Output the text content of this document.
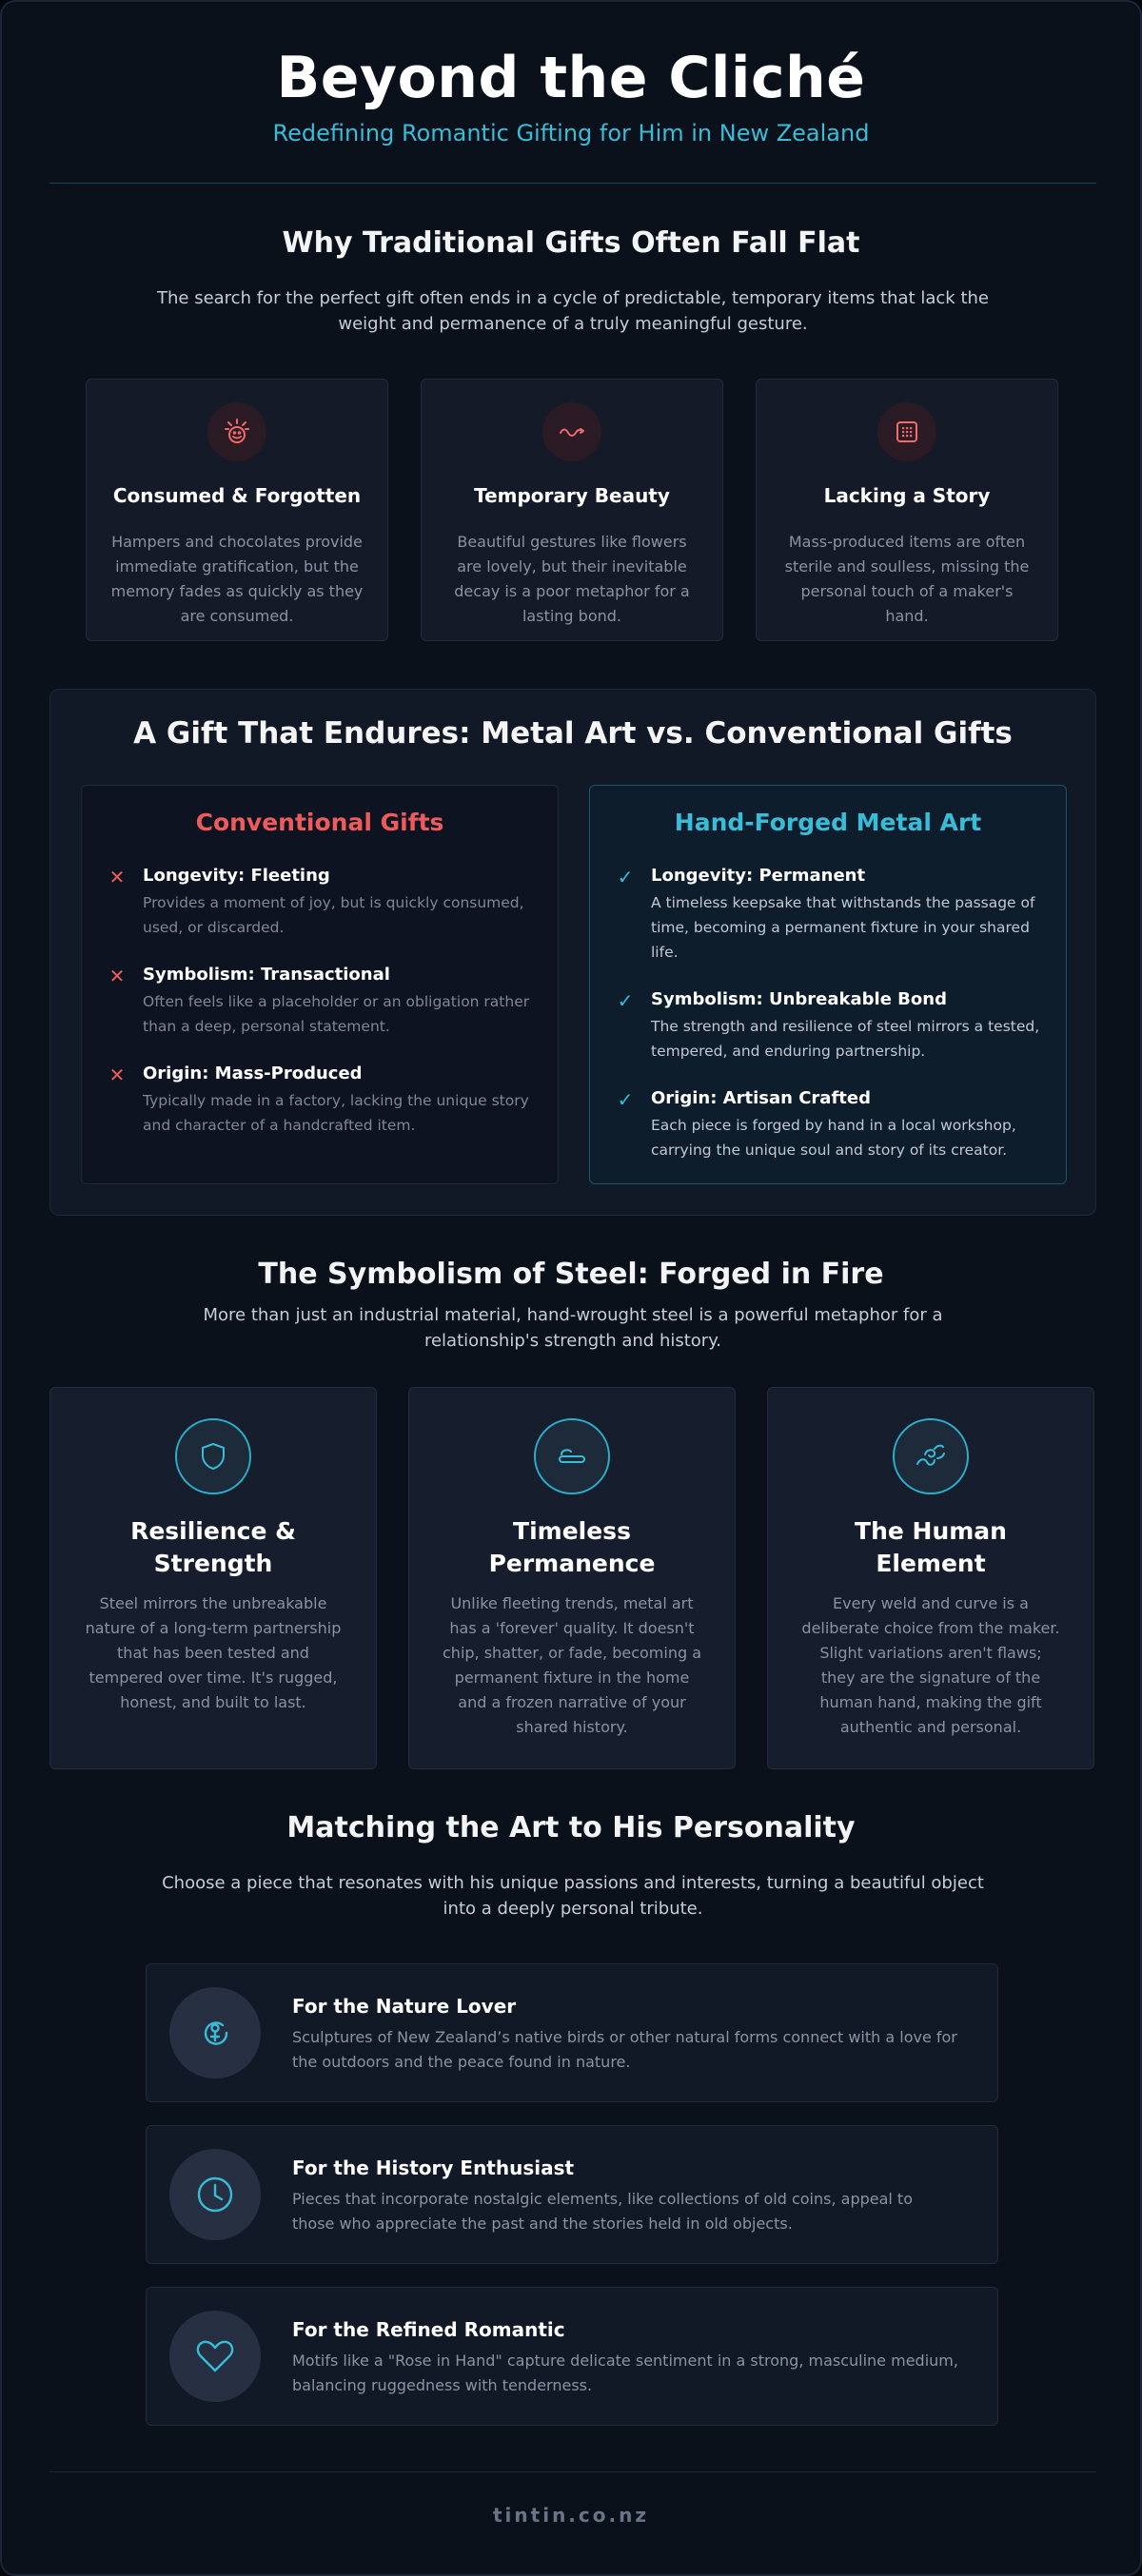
Beyond the Cliché
Redefining Romantic Gifting for Him in New Zealand
Why Traditional Gifts Often Fall Flat
The search for the perfect gift often ends in a cycle of predictable, temporary items that lack the weight and permanence of a truly meaningful gesture.
Consumed & Forgotten

Hampers and chocolates provide immediate gratification, but the memory fades as quickly as they are consumed.

Temporary Beauty

Beautiful gestures like flowers are lovely, but their inevitable decay is a poor metaphor for a lasting bond.

Lacking a Story

Mass-produced items are often sterile and soulless, missing the personal touch of a maker's hand.

A Gift That Endures: Metal Art vs. Conventional Gifts
Conventional Gifts
✕ Longevity: Fleeting
Provides a moment of joy, but is quickly consumed, used, or discarded.
✕ Symbolism: Transactional
Often feels like a placeholder or an obligation rather than a deep, personal statement.
✕ Origin: Mass-Produced
Typically made in a factory, lacking the unique story and character of a handcrafted item.
Hand-Forged Metal Art
✓ Longevity: Permanent
A timeless keepsake that withstands the passage of time, becoming a permanent fixture in your shared life.
✓ Symbolism: Unbreakable Bond
The strength and resilience of steel mirrors a tested, tempered, and enduring partnership.
✓ Origin: Artisan Crafted
Each piece is forged by hand in a local workshop, carrying the unique soul and story of its creator.
The Symbolism of Steel: Forged in Fire
More than just an industrial material, hand-wrought steel is a powerful metaphor for a relationship's strength and history.
Resilience & Strength

Steel mirrors the unbreakable nature of a long-term partnership that has been tested and tempered over time. It's rugged, honest, and built to last.

Timeless Permanence

Unlike fleeting trends, metal art has a 'forever' quality. It doesn't chip, shatter, or fade, becoming a permanent fixture in the home and a frozen narrative of your shared history.

The Human Element

Every weld and curve is a deliberate choice from the maker. Slight variations aren't flaws; they are the signature of the human hand, making the gift authentic and personal.

Matching the Art to His Personality
Choose a piece that resonates with his unique passions and interests, turning a beautiful object into a deeply personal tribute.
For the Nature Lover

Sculptures of New Zealand’s native birds or other natural forms connect with a love for the outdoors and the peace found in nature.

For the History Enthusiast

Pieces that incorporate nostalgic elements, like collections of old coins, appeal to those who appreciate the past and the stories held in old objects.

For the Refined Romantic

Motifs like a "Rose in Hand" capture delicate sentiment in a strong, masculine medium, balancing ruggedness with tenderness.

tintin.co.nz
